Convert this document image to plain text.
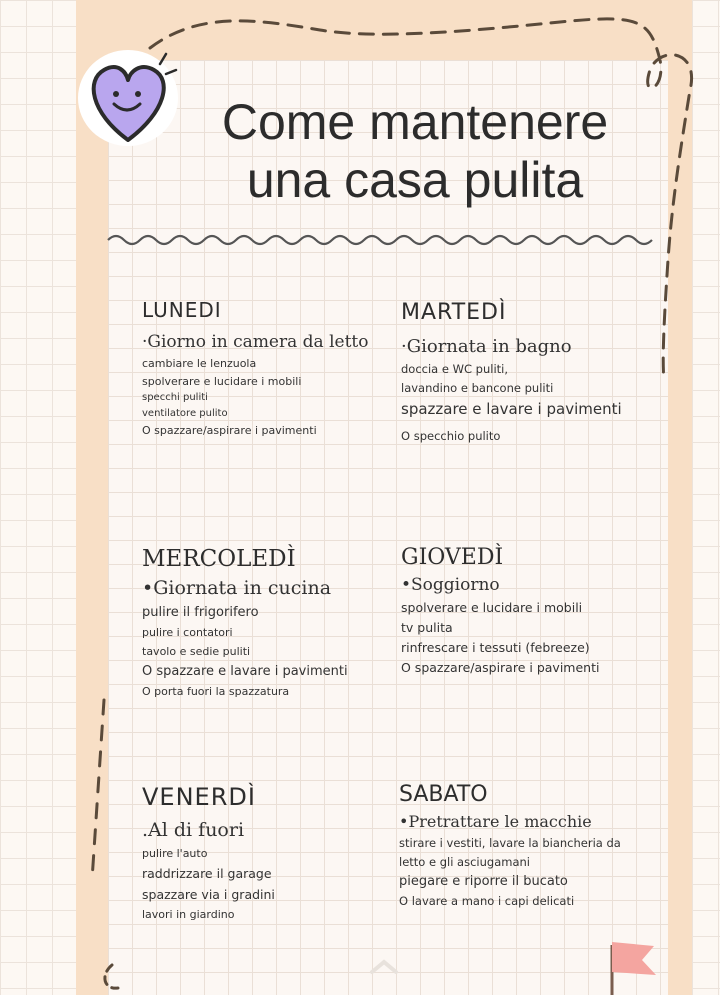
Come mantenere
una casa pulita
LUNEDI
·Giorno in camera da letto
cambiare le lenzuola
spolverare e lucidare i mobili
specchi puliti
ventilatore pulito
O spazzare/aspirare i pavimenti
MARTEDÌ
·Giornata in bagno
doccia e WC puliti,
lavandino e bancone puliti
spazzare e lavare i pavimenti
O specchio pulito
MERCOLEDÌ
•Giornata in cucina
pulire il frigorifero
pulire i contatori
tavolo e sedie puliti
O spazzare e lavare i pavimenti
O porta fuori la spazzatura
GIOVEDÌ
•Soggiorno
spolverare e lucidare i mobili
tv pulita
rinfrescare i tessuti (febreeze)
O spazzare/aspirare i pavimenti
VENERDÌ
.Al di fuori
pulire l'auto
raddrizzare il garage
spazzare via i gradini
lavori in giardino
SABATO
•Pretrattare le macchie
stirare i vestiti, lavare la biancheria da letto e gli asciugamani
piegare e riporre il bucato
O lavare a mano i capi delicati
